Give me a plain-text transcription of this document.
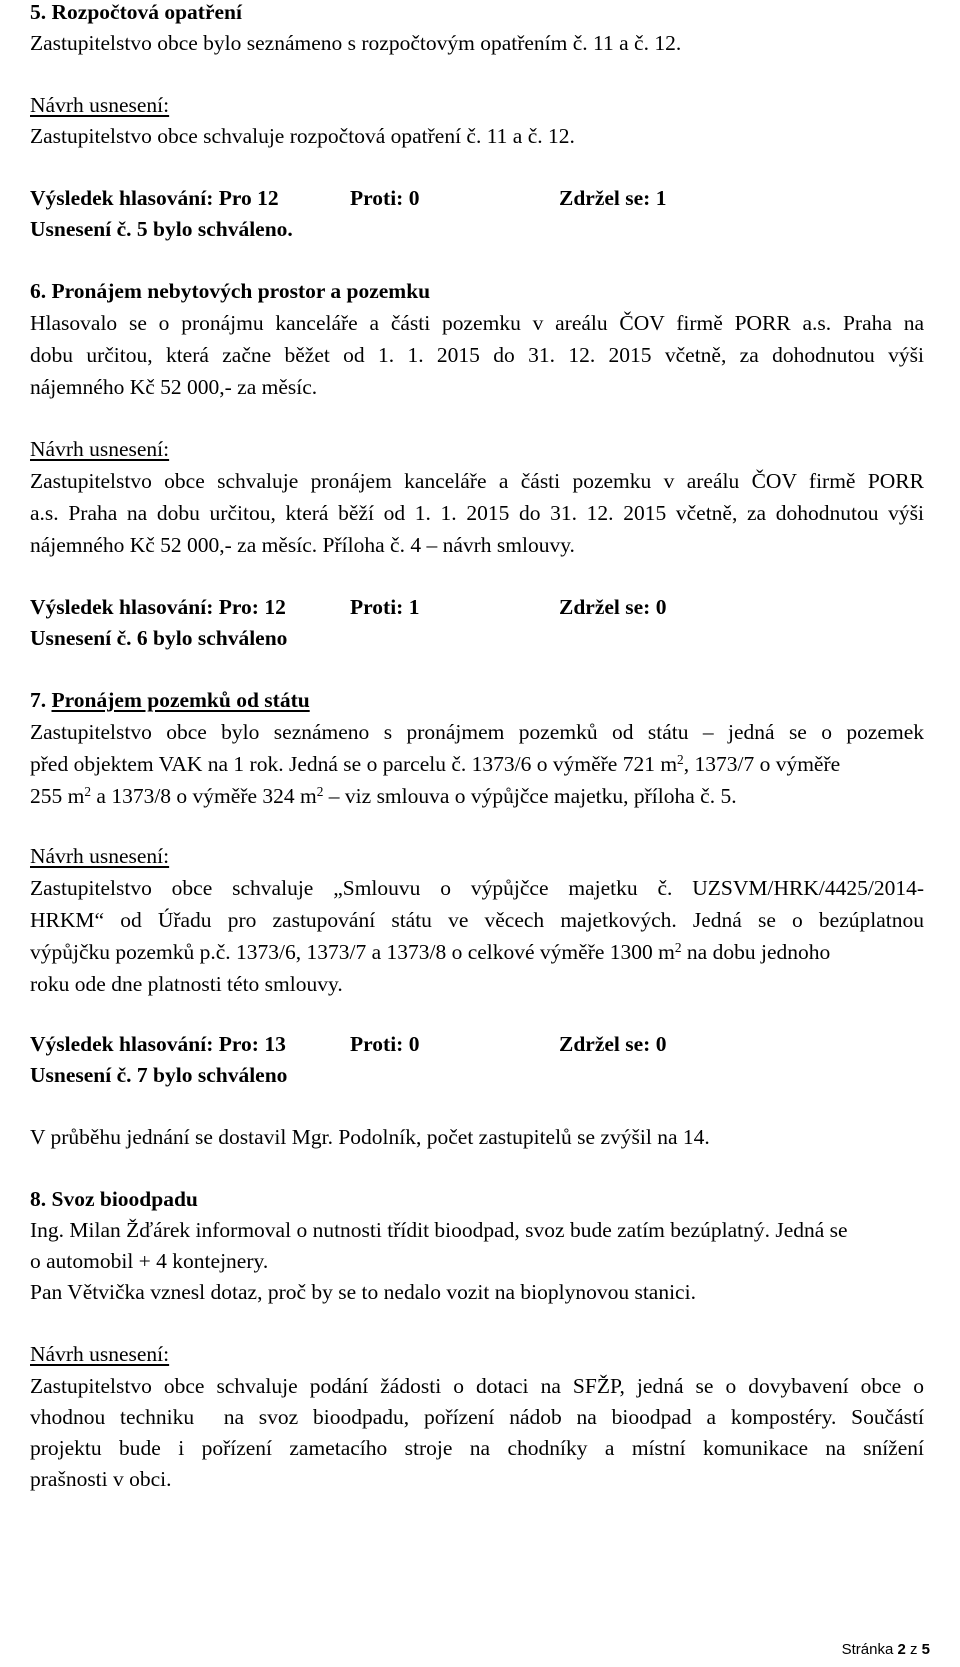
5. Rozpočtová opatření
Zastupitelstvo obce bylo seznámeno s rozpočtovým opatřením č. 11 a č. 12.
Návrh usnesení:
Zastupitelstvo obce schvaluje rozpočtová opatření č. 11 a č. 12.
Výsledek hlasování: Pro 12	Proti: 0	Zdržel se: 1
Usnesení č. 5 bylo schváleno.
6. Pronájem nebytových prostor a pozemku
Hlasovalo se o pronájmu kanceláře a části pozemku v areálu ČOV firmě PORR a.s. Praha na
dobu určitou, která začne běžet od 1. 1. 2015 do 31. 12. 2015 včetně, za dohodnutou výši
nájemného Kč 52 000,- za měsíc.
Návrh usnesení:
Zastupitelstvo obce schvaluje pronájem kanceláře a části pozemku v areálu ČOV firmě PORR
a.s. Praha na dobu určitou, která běží od 1. 1. 2015 do 31. 12. 2015 včetně, za dohodnutou výši
nájemného Kč 52 000,- za měsíc. Příloha č. 4 – návrh smlouvy.
Výsledek hlasování: Pro: 12	Proti: 1	Zdržel se: 0
Usnesení č. 6 bylo schváleno
7. Pronájem pozemků od státu
Zastupitelstvo obce bylo seznámeno s pronájmem pozemků od státu – jedná se o pozemek
před objektem VAK na 1 rok. Jedná se o parcelu č. 1373/6 o výměře 721 $m^2$, 1373/7 o výměře
255 $m^2$ a 1373/8 o výměře 324 $m^2$ – viz smlouva o výpůjčce majetku, příloha č. 5.
Návrh usnesení:
Zastupitelstvo obce schvaluje „Smlouvu o výpůjčce majetku č. UZSVM/HRK/4425/2014-
HRKM“ od Úřadu pro zastupování státu ve věcech majetkových. Jedná se o bezúplatnou
výpůjčku pozemků p.č. 1373/6, 1373/7 a 1373/8 o celkové výměře 1300 $m^2$ na dobu jednoho
roku ode dne platnosti této smlouvy.
Výsledek hlasování: Pro: 13	Proti: 0	Zdržel se: 0
Usnesení č. 7 bylo schváleno
V průběhu jednání se dostavil Mgr. Podolník, počet zastupitelů se zvýšil na 14.
8. Svoz bioodpadu
Ing. Milan Žďárek informoval o nutnosti třídit bioodpad, svoz bude zatím bezúplatný. Jedná se
o automobil + 4 kontejnery.
Pan Větvička vznesl dotaz, proč by se to nedalo vozit na bioplynovou stanici.
Návrh usnesení:
Zastupitelstvo obce schvaluje podání žádosti o dotaci na SFŽP, jedná se o dovybavení obce o
vhodnou techniku  na svoz bioodpadu, pořízení nádob na bioodpad a kompostéry. Součástí
projektu bude i pořízení zametacího stroje na chodníky a místní komunikace na snížení
prašnosti v obci.
Stránka 2 z 5
